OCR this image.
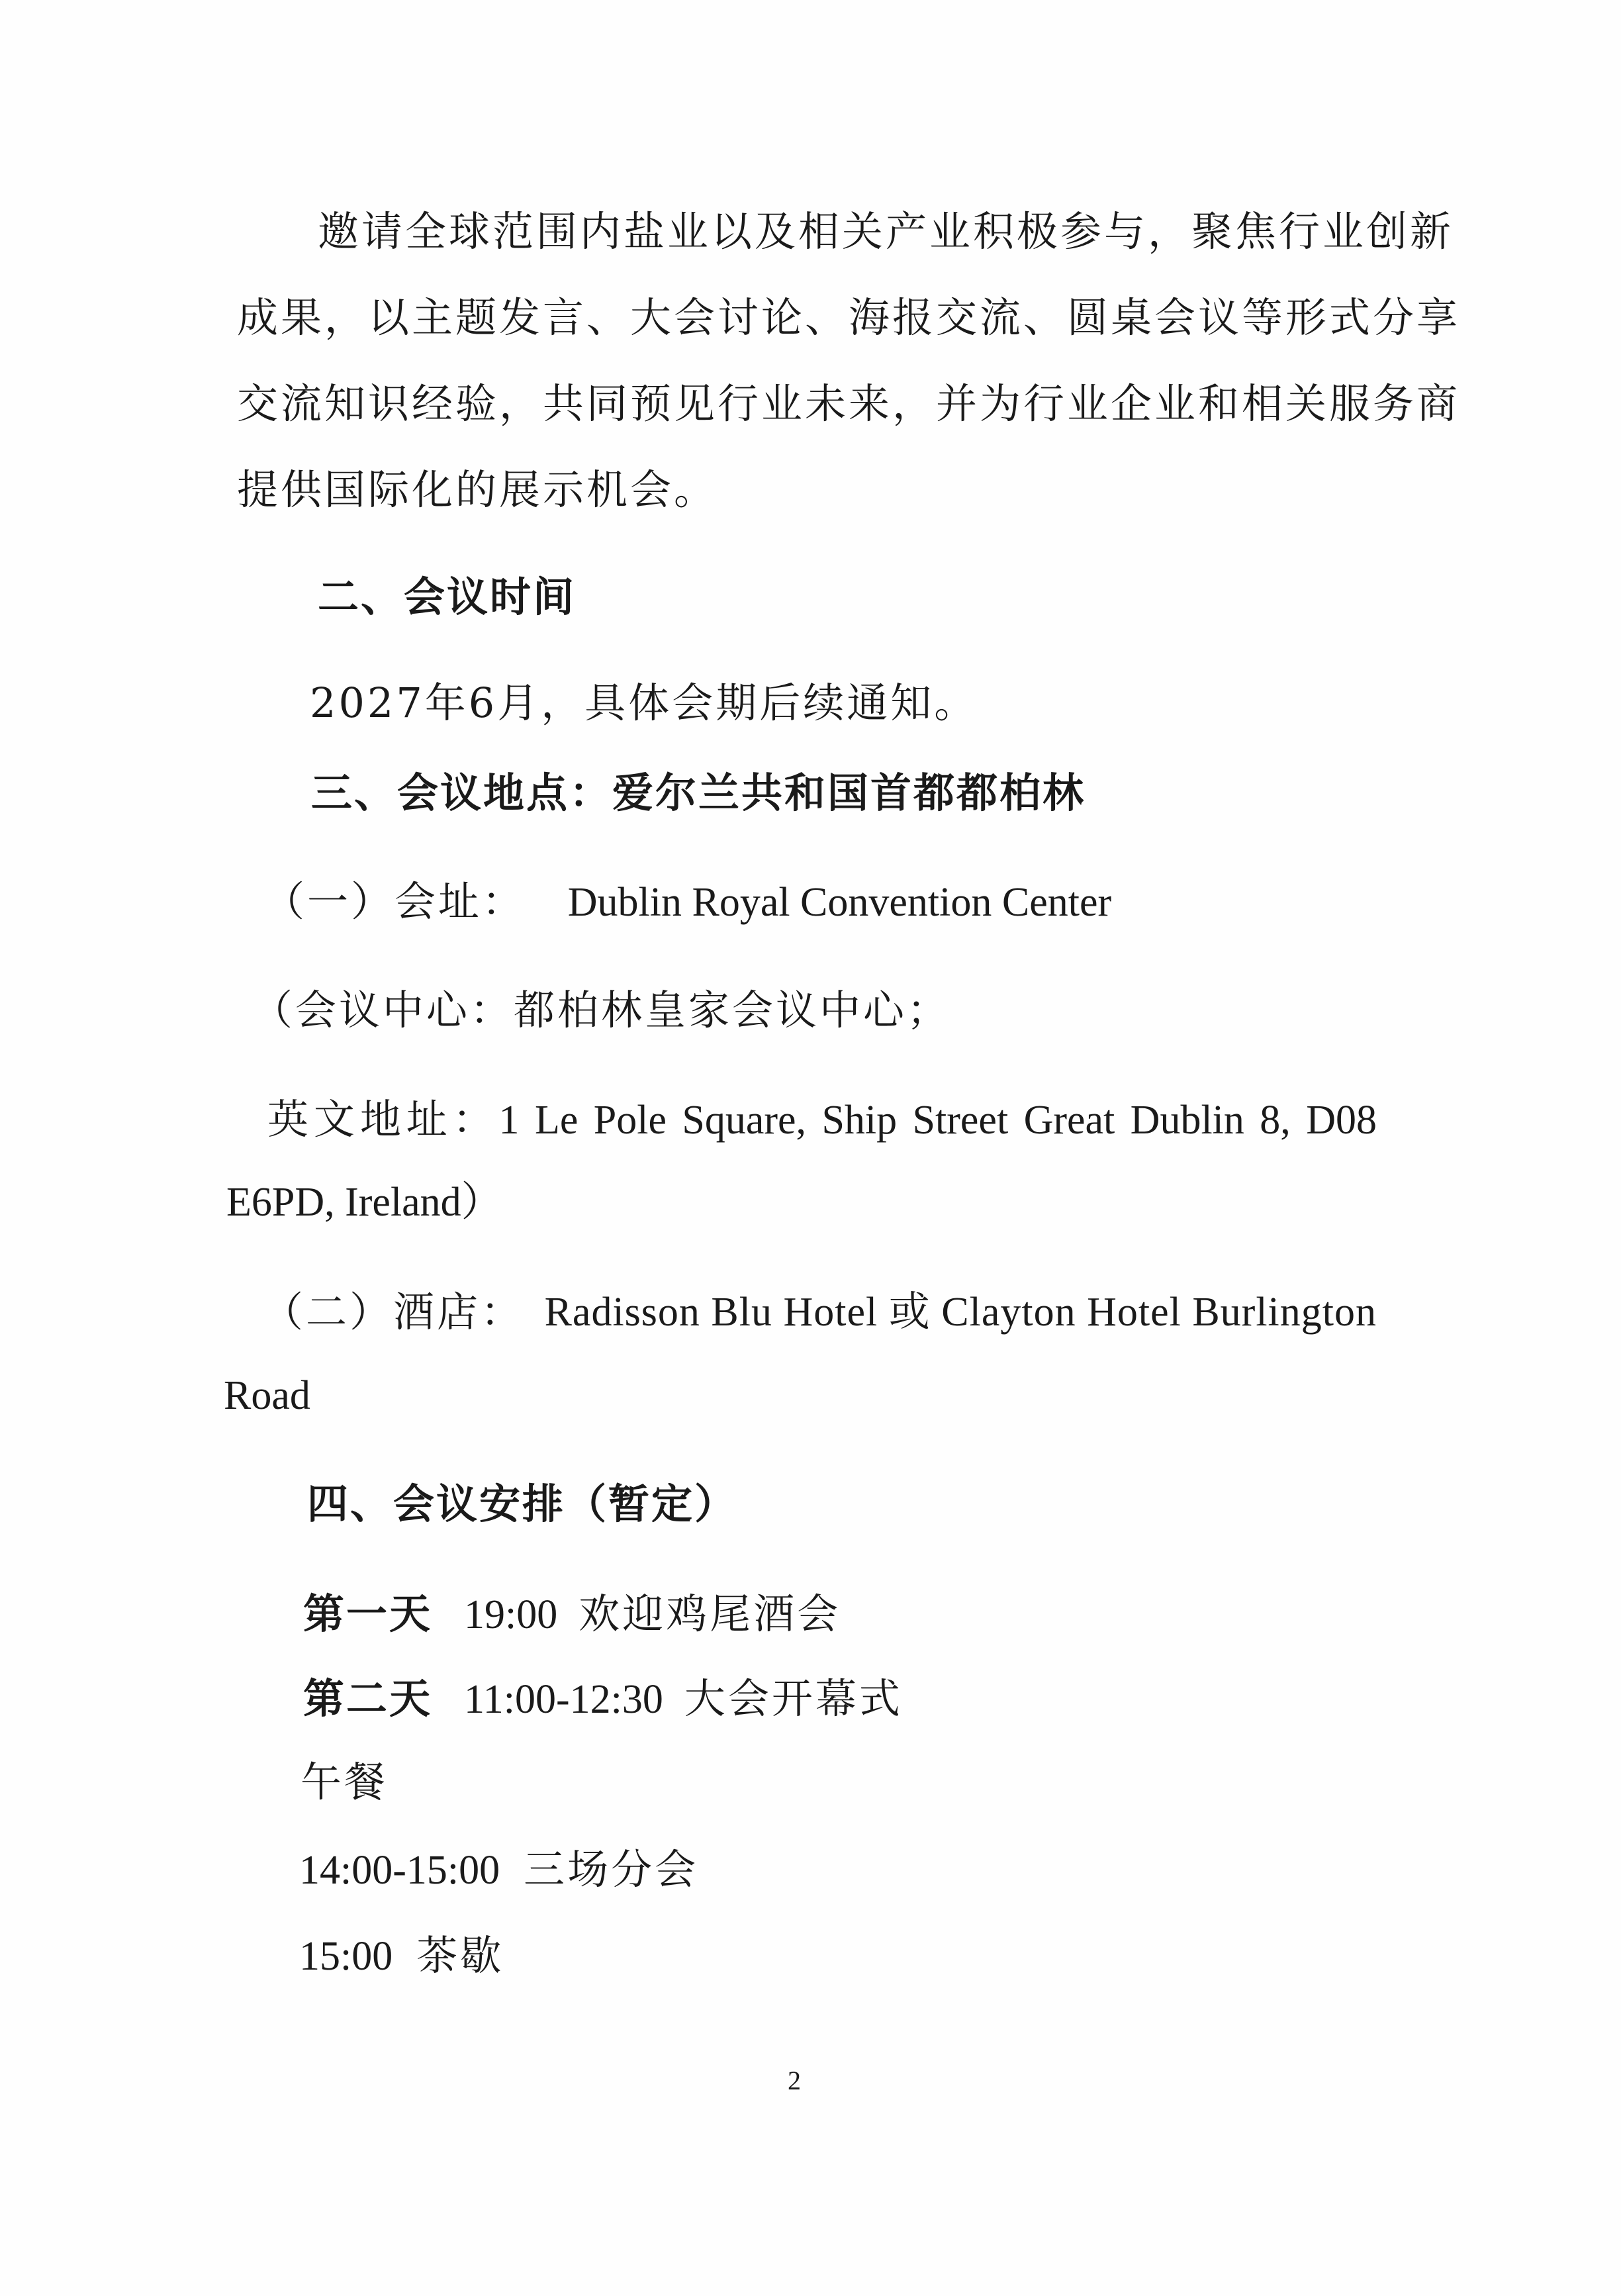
邀请全球范围内盐业以及相关产业积极参与，聚焦行业创新
成果，以主题发言、大会讨论、海报交流、圆桌会议等形式分享
交流知识经验，共同预见行业未来，并为行业企业和相关服务商
提供国际化的展示机会。
二、会议时间
2027年6月，具体会期后续通知。
三、会议地点：爱尔兰共和国首都都柏林
（一）会址： Dublin Royal Convention Center
（会议中心：都柏林皇家会议中心；
英文地址：1 Le Pole Square, Ship Street Great Dublin 8, D08
E6PD, Ireland）
（二）酒店： Radisson Blu Hotel 或 Clayton Hotel Burlington
Road
四、会议安排（暂定）
第一天 19:00 欢迎鸡尾酒会
第二天 11:00-12:30 大会开幕式
午餐
14:00-15:00 三场分会
15:00 茶歇
2
